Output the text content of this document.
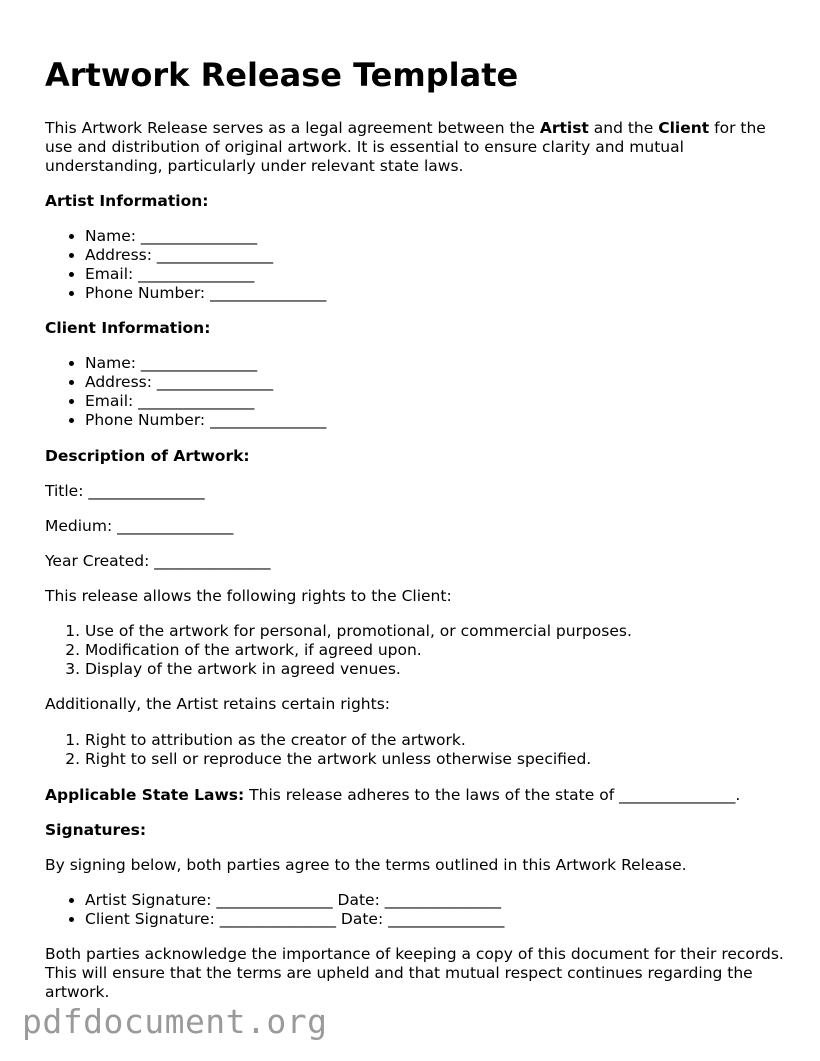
Artwork Release Template

This Artwork Release serves as a legal agreement between the Artist and the Client for the use and distribution of original artwork. It is essential to ensure clarity and mutual understanding, particularly under relevant state laws.

Artist Information:

• Name: _______________
• Address: _______________
• Email: _______________
• Phone Number: _______________

Client Information:

• Name: _______________
• Address: _______________
• Email: _______________
• Phone Number: _______________

Description of Artwork:

Title: _______________

Medium: _______________

Year Created: _______________

This release allows the following rights to the Client:

1. Use of the artwork for personal, promotional, or commercial purposes.
2. Modification of the artwork, if agreed upon.
3. Display of the artwork in agreed venues.

Additionally, the Artist retains certain rights:

1. Right to attribution as the creator of the artwork.
2. Right to sell or reproduce the artwork unless otherwise specified.

Applicable State Laws: This release adheres to the laws of the state of _______________.

Signatures:

By signing below, both parties agree to the terms outlined in this Artwork Release.

• Artist Signature: _______________ Date: _______________
• Client Signature: _______________ Date: _______________

Both parties acknowledge the importance of keeping a copy of this document for their records. This will ensure that the terms are upheld and that mutual respect continues regarding the artwork.

pdfdocument.org
